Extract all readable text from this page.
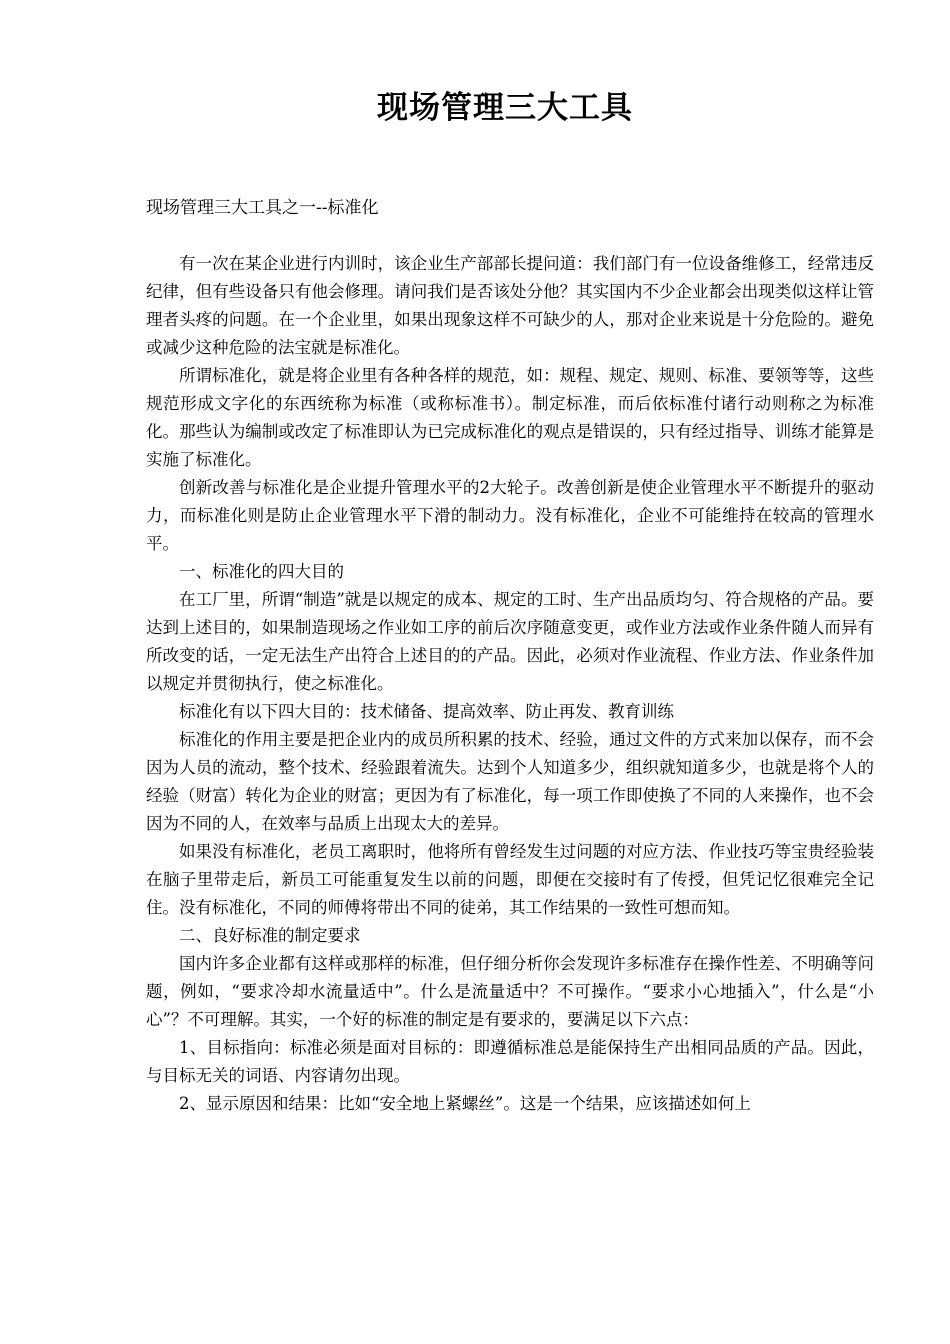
现场管理三大工具
现场管理三大工具之一--标准化

有一次在某企业进行内训时，该企业生产部部长提问道：我们部门有一位设备维修工，经常违反纪律，但有些设备只有他会修理。请问我们是否该处分他？其实国内不少企业都会出现类似这样让管理者头疼的问题。在一个企业里，如果出现象这样不可缺少的人，那对企业来说是十分危险的。避免或减少这种危险的法宝就是标准化。

所谓标准化，就是将企业里有各种各样的规范，如：规程、规定、规则、标准、要领等等，这些规范形成文字化的东西统称为标准（或称标准书）。制定标准，而后依标准付诸行动则称之为标准化。那些认为编制或改定了标准即认为已完成标准化的观点是错误的，只有经过指导、训练才能算是实施了标准化。

创新改善与标准化是企业提升管理水平的2大轮子。改善创新是使企业管理水平不断提升的驱动力，而标准化则是防止企业管理水平下滑的制动力。没有标准化，企业不可能维持在较高的管理水平。

一、标准化的四大目的

在工厂里，所谓“制造”就是以规定的成本、规定的工时、生产出品质均匀、符合规格的产品。要达到上述目的，如果制造现场之作业如工序的前后次序随意变更，或作业方法或作业条件随人而异有所改变的话，一定无法生产出符合上述目的的产品。因此，必须对作业流程、作业方法、作业条件加以规定并贯彻执行，使之标准化。

标准化有以下四大目的：技术储备、提高效率、防止再发、教育训练

标准化的作用主要是把企业内的成员所积累的技术、经验，通过文件的方式来加以保存，而不会因为人员的流动，整个技术、经验跟着流失。达到个人知道多少，组织就知道多少，也就是将个人的经验（财富）转化为企业的财富；更因为有了标准化，每一项工作即使换了不同的人来操作，也不会因为不同的人，在效率与品质上出现太大的差异。

如果没有标准化，老员工离职时，他将所有曾经发生过问题的对应方法、作业技巧等宝贵经验装在脑子里带走后，新员工可能重复发生以前的问题，即便在交接时有了传授，但凭记忆很难完全记住。没有标准化，不同的师傅将带出不同的徒弟，其工作结果的一致性可想而知。

二、良好标准的制定要求

国内许多企业都有这样或那样的标准，但仔细分析你会发现许多标准存在操作性差、不明确等问题，例如，“要求冷却水流量适中”。什么是流量适中？不可操作。“要求小心地插入”，什么是“小心”？不可理解。其实，一个好的标准的制定是有要求的，要满足以下六点：

1、目标指向：标准必须是面对目标的：即遵循标准总是能保持生产出相同品质的产品。因此，与目标无关的词语、内容请勿出现。

2、显示原因和结果：比如“安全地上紧螺丝”。这是一个结果，应该描述如何上
